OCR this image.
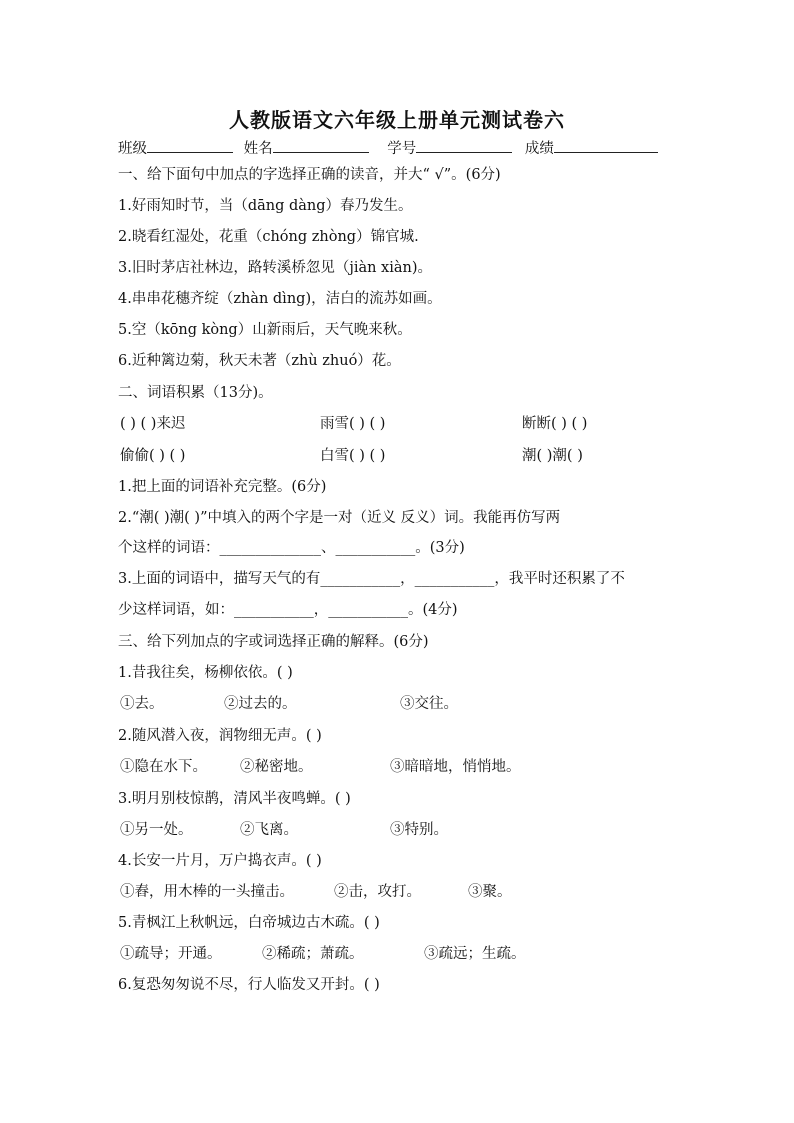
人教版语文六年级上册单元测试卷六
班级	姓名	学号	成绩
一、给下面句中加点的字选择正确的读音，并大“ √”。(6分)
1.好雨知时节，当（dāng dàng）春乃发生。
2.晓看红湿处，花重（chóng zhòng）锦官城.
3.旧时茅店社林边，路转溪桥忽见（jiàn xiàn)。
4.串串花穗齐绽（zhàn dìng)，洁白的流苏如画。
5.空（kōng kòng）山新雨后，天气晚来秋。
6.近种篱边菊，秋天未著（zhù zhuó）花。
二、词语积累（13分)。
( ) ( )来迟	雨雪( ) ( )	断断( ) ( )
偷偷( ) ( )	白雪( ) ( )	潮( )潮( )
1.把上面的词语补充完整。(6分)
2.“潮( )潮( )”中填入的两个字是一对（近义 反义）词。我能再仿写两
个这样的词语：______________、___________。(3分)
3.上面的词语中，描写天气的有___________，___________，我平时还积累了不
少这样词语，如：___________，___________。(4分)
三、给下列加点的字或词选择正确的解释。(6分)
1.昔我往矣，杨柳依依。( )
①去。	②过去的。	③交往。
2.随风潜入夜，润物细无声。( )
①隐在水下。 ②秘密地。	③暗暗地，悄悄地。
3.明月别枝惊鹊，清风半夜鸣蝉。( )
①另一处。	②飞离。	③特别。
4.长安一片月，万户捣衣声。( )
①舂，用木棒的一头撞击。	②击，攻打。	③聚。
5.青枫江上秋帆远，白帝城边古木疏。( )
①疏导；开通。	②稀疏；萧疏。	③疏远；生疏。
6.复恐匆匆说不尽，行人临发又开封。( )
